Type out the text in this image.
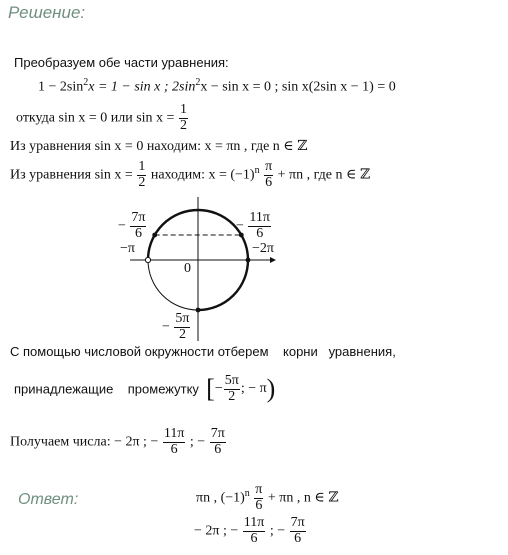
Решение:
Преобразуем обе части уравнения:
$1 - 2\sin^2x = 1 - \sin x$ ; $2\sin^2x - \sin x = 0$ ; sin x(2sin x − 1) = 0
откуда sin x = 0 или $\sin x = \frac{1}{2}$
Из уравнения sin x = 0 находим: x = πn , где n ∈ ℤ
Из уравнения $\sin x = \frac{1}{2}$ находим: $x = (-1)^n \frac{\pi}{6} + \pi n$ , где n ∈ ℤ
− $\frac{7\pi}{6}$	− $\frac{11\pi}{6}$
−π	−2π
0
− $\frac{5\pi}{2}$
С помощью числовой окружности отберем корни уравнения,
принадлежащие промежутку [− $\frac{5\pi}{2}$ ; − π)
Получаем числа: − 2π ; − $\frac{11\pi}{6}$ ; − $\frac{7\pi}{6}$
Ответ:	πn , $(-1)^n \frac{\pi}{6} + \pi n$ , n ∈ ℤ
− 2π ; − $\frac{11\pi}{6}$ ; − $\frac{7\pi}{6}$
